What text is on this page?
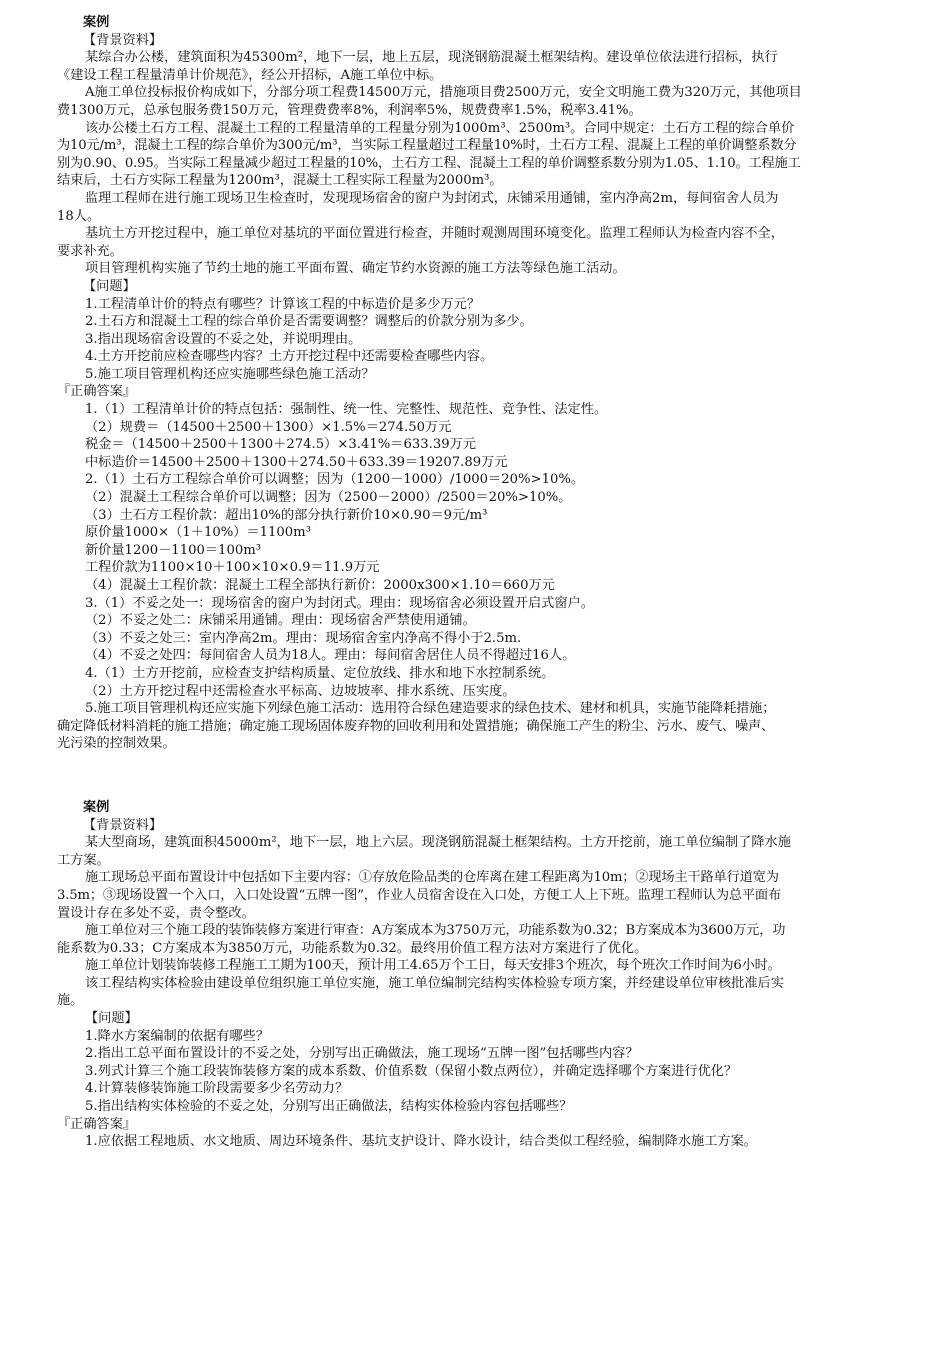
案例
【背景资料】
某综合办公楼，建筑面积为45300m²，地下一层，地上五层，现浇钢筋混凝土框架结构。建设单位依法进行招标，执行
《建设工程工程量清单计价规范》，经公开招标，A施工单位中标。
A施工单位投标报价构成如下，分部分项工程费14500万元，措施项目费2500万元，安全文明施工费为320万元，其他项目
费1300万元，总承包服务费150万元，管理费费率8%，利润率5%，规费费率1.5%，税率3.41%。
该办公楼土石方工程、混凝土工程的工程量清单的工程量分别为1000m³、2500m³。合同中规定：土石方工程的综合单价
为10元/m³，混凝土工程的综合单价为300元/m³，当实际工程量超过工程量10%时，土石方工程、混凝上工程的单价调整系数分
别为0.90、0.95。当实际工程量减少超过工程量的10%，土石方工程、混凝土工程的单价调整系数分别为1.05、1.10。工程施工
结束后，土石方实际工程量为1200m³，混凝土工程实际工程量为2000m³。
监理工程师在进行施工现场卫生检查时，发现现场宿舍的窗户为封闭式，床铺采用通铺，室内净高2m，每间宿舍人员为
18人。
基坑土方开挖过程中，施工单位对基坑的平面位置进行检查，并随时观测周围环境变化。监理工程师认为检查内容不全，
要求补充。
项目管理机构实施了节约土地的施工平面布置、确定节约水资源的施工方法等绿色施工活动。
【问题】
1.工程清单计价的特点有哪些？计算该工程的中标造价是多少万元？
2.土石方和混凝土工程的综合单价是否需要调整？调整后的价款分别为多少。
3.指出现场宿舍设置的不妥之处，并说明理由。
4.土方开挖前应检查哪些内容？土方开挖过程中还需要检查哪些内容。
5.施工项目管理机构还应实施哪些绿色施工活动？
『正确答案』
1.（1）工程清单计价的特点包括：强制性、统一性、完整性、规范性、竞争性、法定性。
（2）规费＝（14500＋2500＋1300）×1.5%＝274.50万元
税金＝（14500＋2500＋1300＋274.5）×3.41%＝633.39万元
中标造价＝14500＋2500＋1300＋274.50＋633.39＝19207.89万元
2.（1）土石方工程综合单价可以调整；因为（1200－1000）/1000＝20%>10%。
（2）混凝土工程综合单价可以调整；因为（2500－2000）/2500＝20%>10%。
（3）土石方工程价款：超出10%的部分执行新价10×0.90＝9元/m³
原价量1000×（1＋10%）＝1100m³
新价量1200－1100＝100m³
工程价款为1100×10＋100×10×0.9＝11.9万元
（4）混凝土工程价款：混凝土工程全部执行新价：2000x300×1.10＝660万元
3.（1）不妥之处一：现场宿舍的窗户为封闭式。理由：现场宿舍必须设置开启式窗户。
（2）不妥之处二：床铺采用通铺。理由：现场宿舍严禁使用通铺。
（3）不妥之处三：室内净高2m。理由：现场宿舍室内净高不得小于2.5m.
（4）不妥之处四：每间宿舍人员为18人。理由：每间宿舍居住人员不得超过16人。
4.（1）土方开挖前，应检查支护结构质量、定位放线、排水和地下水控制系统。
（2）土方开挖过程中还需检查水平标高、边坡坡率、排水系统、压实度。
5.施工项目管理机构还应实施下列绿色施工活动：选用符合绿色建造要求的绿色技术、建材和机具，实施节能降耗措施；
确定降低材料消耗的施工措施；确定施工现场固体废弃物的回收利用和处置措施；确保施工产生的粉尘、污水、废气、噪声、
光污染的控制效果。
案例
【背景资料】
某大型商场，建筑面积45000m²，地下一层，地上六层。现浇钢筋混凝土框架结构。土方开挖前，施工单位编制了降水施
工方案。
施工现场总平面布置设计中包括如下主要内容：①存放危险品类的仓库离在建工程距离为10m；②现场主干路单行道宽为
3.5m；③现场设置一个入口，入口处设置“五牌一图”，作业人员宿舍设在入口处，方便工人上下班。监理工程师认为总平面布
置设计存在多处不妥，责令整改。
施工单位对三个施工段的装饰装修方案进行审查：A方案成本为3750万元，功能系数为0.32；B方案成本为3600万元，功
能系数为0.33；C方案成本为3850万元，功能系数为0.32。最终用价值工程方法对方案进行了优化。
施工单位计划装饰装修工程施工工期为100天，预计用工4.65万个工日，每天安排3个班次，每个班次工作时间为6小时。
该工程结构实体检验由建设单位组织施工单位实施，施工单位编制完结构实体检验专项方案，并经建设单位审核批准后实
施。
【问题】
1.降水方案编制的依据有哪些？
2.指出工总平面布置设计的不妥之处，分别写出正确做法，施工现场“五牌一图”包括哪些内容？
3.列式计算三个施工段装饰装修方案的成本系数、价值系数（保留小数点两位），并确定选择哪个方案进行优化？
4.计算装修装饰施工阶段需要多少名劳动力？
5.指出结构实体检验的不妥之处，分别写出正确做法，结构实体检验内容包括哪些？
『正确答案』
1.应依据工程地质、水文地质、周边环境条件、基坑支护设计、降水设计，结合类似工程经验，编制降水施工方案。
